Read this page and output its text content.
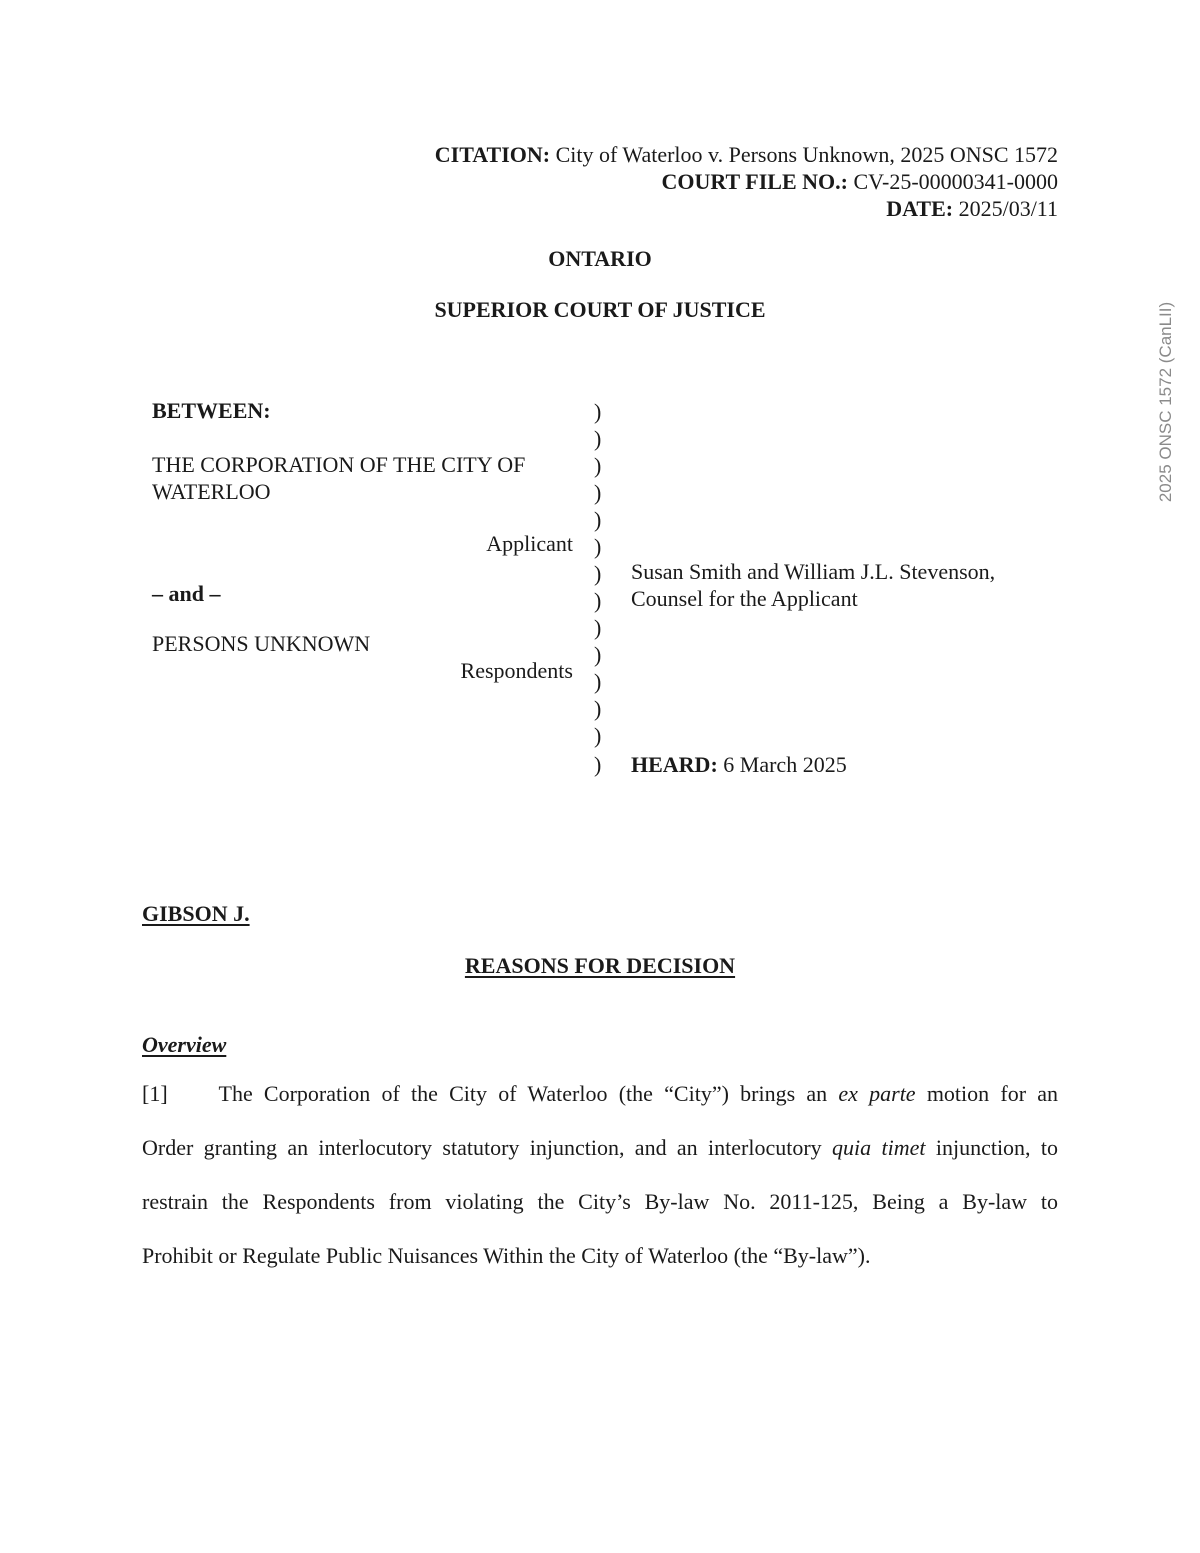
CITATION: City of Waterloo v. Persons Unknown, 2025 ONSC 1572
COURT FILE NO.: CV-25-00000341-0000
DATE: 2025/03/11
ONTARIO
SUPERIOR COURT OF JUSTICE
BETWEEN:
THE CORPORATION OF THE CITY OF
WATERLOO
Applicant
– and –
PERSONS UNKNOWN
Respondents
)
)
)
)
)
)
)
)
)
)
)
)
)
)
Susan Smith and William J.L. Stevenson,
Counsel for the Applicant
HEARD: 6 March 2025
GIBSON J.
REASONS FOR DECISION
Overview
[1] The Corporation of the City of Waterloo (the “City”) brings an ex parte motion for an
Order granting an interlocutory statutory injunction, and an interlocutory quia timet injunction, to
restrain the Respondents from violating the City’s By-law No. 2011-125, Being a By-law to
Prohibit or Regulate Public Nuisances Within the City of Waterloo (the “By-law”).
2025 ONSC 1572 (CanLII)
